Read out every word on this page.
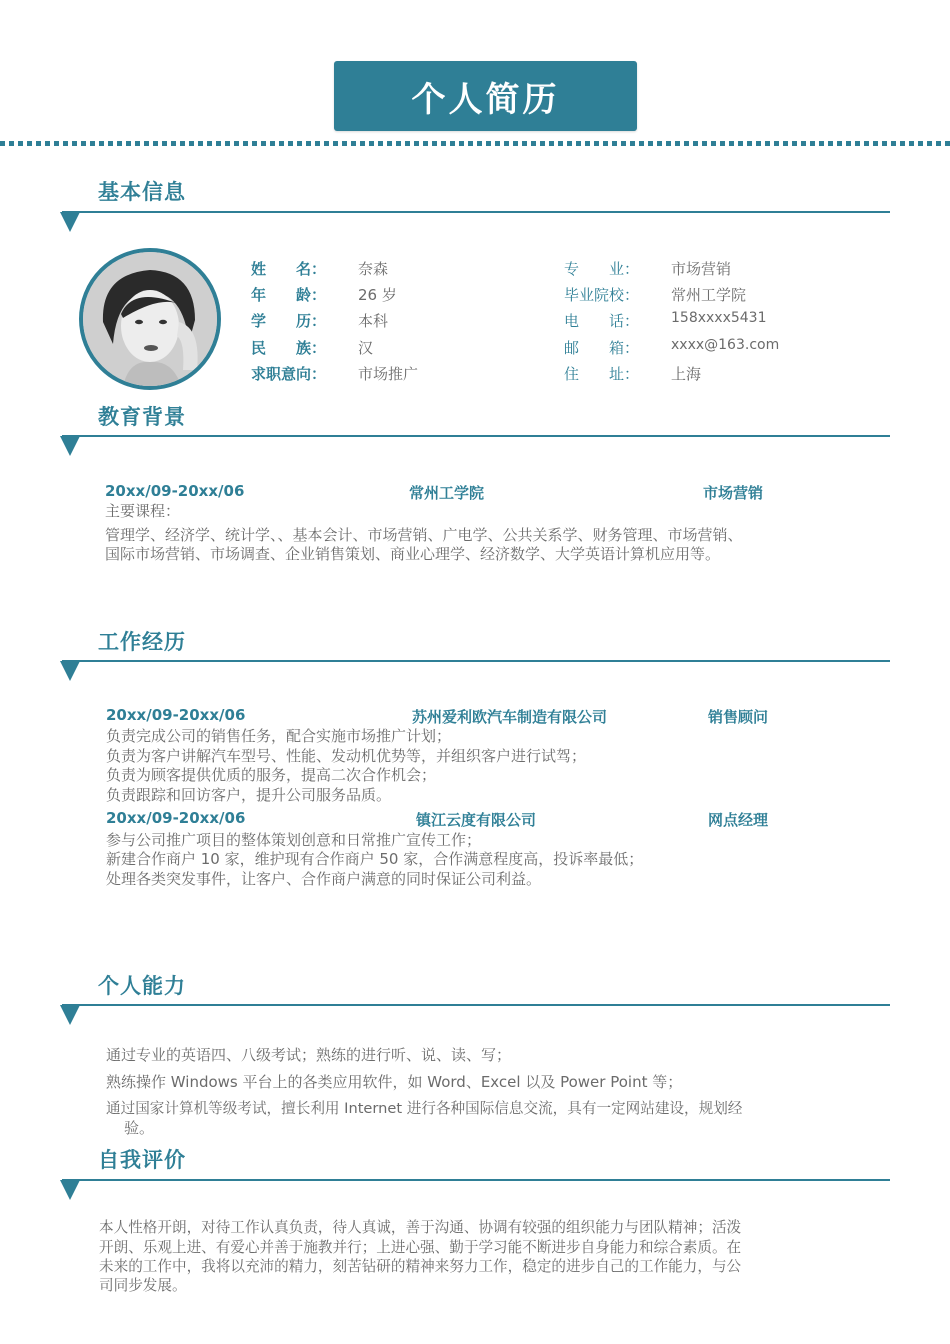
个人简历
基本信息
姓　　名： 奈森
年　　龄： 26 岁
学　　历： 本科
民　　族： 汉
求职意向： 市场推广
专　　业： 市场营销
毕业院校： 常州工学院
电　　话： 158xxxx5431
邮　　箱： xxxx@163.com
住　　址： 上海
教育背景
20xx/09-20xx/06	常州工学院	市场营销
主要课程：
管理学、经济学、统计学、、基本会计、市场营销、广电学、公共关系学、财务管理、市场营销、
国际市场营销、市场调查、企业销售策划、商业心理学、经济数学、大学英语计算机应用等。
工作经历
20xx/09-20xx/06	苏州爱利欧汽车制造有限公司	销售顾问
负责完成公司的销售任务，配合实施市场推广计划；
负责为客户讲解汽车型号、性能、发动机优势等，并组织客户进行试驾；
负责为顾客提供优质的服务，提高二次合作机会；
负责跟踪和回访客户，提升公司服务品质。
20xx/09-20xx/06	镇江云度有限公司	网点经理
参与公司推广项目的整体策划创意和日常推广宣传工作；
新建合作商户 10 家，维护现有合作商户 50 家，合作满意程度高，投诉率最低；
处理各类突发事件，让客户、合作商户满意的同时保证公司利益。
个人能力
通过专业的英语四、八级考试；熟练的进行听、说、读、写；
熟练操作 Windows 平台上的各类应用软件，如 Word、Excel 以及 Power Point 等；
通过国家计算机等级考试，擅长利用 Internet 进行各种国际信息交流，具有一定网站建设，规划经
验。
自我评价
本人性格开朗，对待工作认真负责，待人真诚，善于沟通、协调有较强的组织能力与团队精神；活泼
开朗、乐观上进、有爱心并善于施教并行；上进心强、勤于学习能不断进步自身能力和综合素质。在
未来的工作中，我将以充沛的精力，刻苦钻研的精神来努力工作，稳定的进步自己的工作能力，与公
司同步发展。
